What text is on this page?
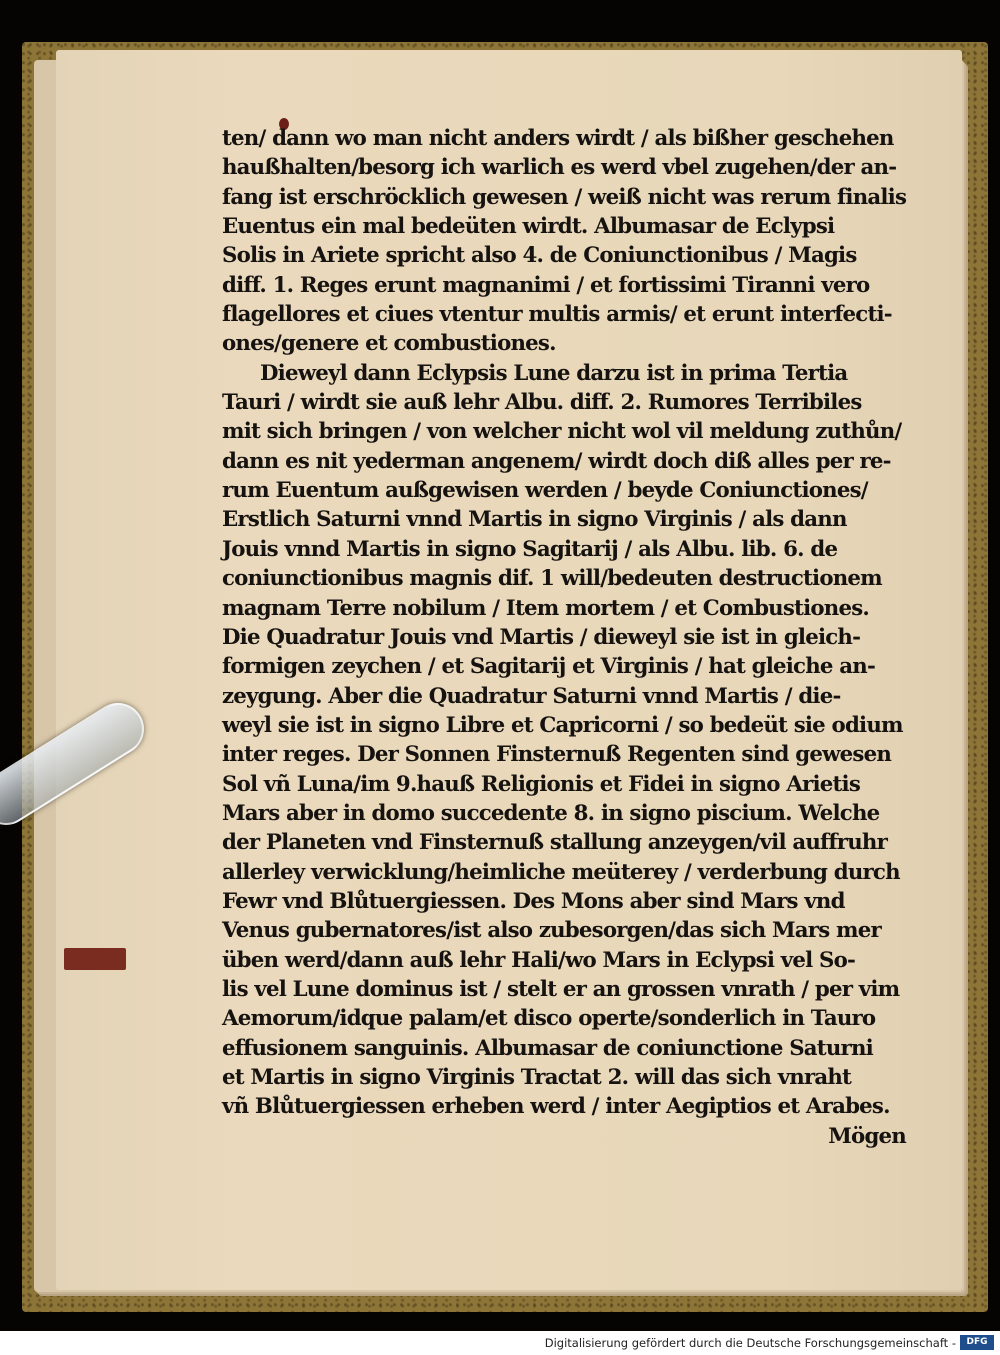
ten/ dann wo man nicht anders wirdt / als bißher geschehen
haußhalten/besorg ich warlich es werd vbel zugehen/der an-
fang ist erschröcklich gewesen / weiß nicht was rerum finalis
Euentus ein mal bedeüten wirdt. Albumasar de Eclypsi
Solis in Ariete spricht also 4. de Coniunctionibus / Magis
diff. 1. Reges erunt magnanimi / et fortissimi Tiranni vero
flagellores et ciues vtentur multis armis/ et erunt interfecti-
ones/genere et combustiones.
Dieweyl dann Eclypsis Lune darzu ist in prima Tertia
Tauri / wirdt sie auß lehr Albu. diff. 2. Rumores Terribiles
mit sich bringen / von welcher nicht wol vil meldung zuthůn/
dann es nit yederman angenem/ wirdt doch diß alles per re-
rum Euentum außgewisen werden / beyde Coniunctiones/
Erstlich Saturni vnnd Martis in signo Virginis / als dann
Jouis vnnd Martis in signo Sagitarij / als Albu. lib. 6. de
coniunctionibus magnis dif. 1 will/bedeuten destructionem
magnam Terre nobilum / Item mortem / et Combustiones.
Die Quadratur Jouis vnd Martis / dieweyl sie ist in gleich-
formigen zeychen / et Sagitarij et Virginis / hat gleiche an-
zeygung. Aber die Quadratur Saturni vnnd Martis / die-
weyl sie ist in signo Libre et Capricorni / so bedeüt sie odium
inter reges. Der Sonnen Finsternuß Regenten sind gewesen
Sol vñ Luna/im 9.hauß Religionis et Fidei in signo Arietis
Mars aber in domo succedente 8. in signo piscium. Welche
der Planeten vnd Finsternuß stallung anzeygen/vil auffruhr
allerley verwicklung/heimliche meüterey / verderbung durch
Fewr vnd Blůtuergiessen. Des Mons aber sind Mars vnd
Venus gubernatores/ist also zubesorgen/das sich Mars mer
üben werd/dann auß lehr Hali/wo Mars in Eclypsi vel So-
lis vel Lune dominus ist / stelt er an grossen vnrath / per vim
Aemorum/idque palam/et disco operte/sonderlich in Tauro
effusionem sanguinis. Albumasar de coniunctione Saturni
et Martis in signo Virginis Tractat 2. will das sich vnraht
vñ Blůtuergiessen erheben werd / inter Aegiptios et Arabes.
Mögen
Digitalisierung gefördert durch die Deutsche Forschungsgemeinschaft -	DFG
